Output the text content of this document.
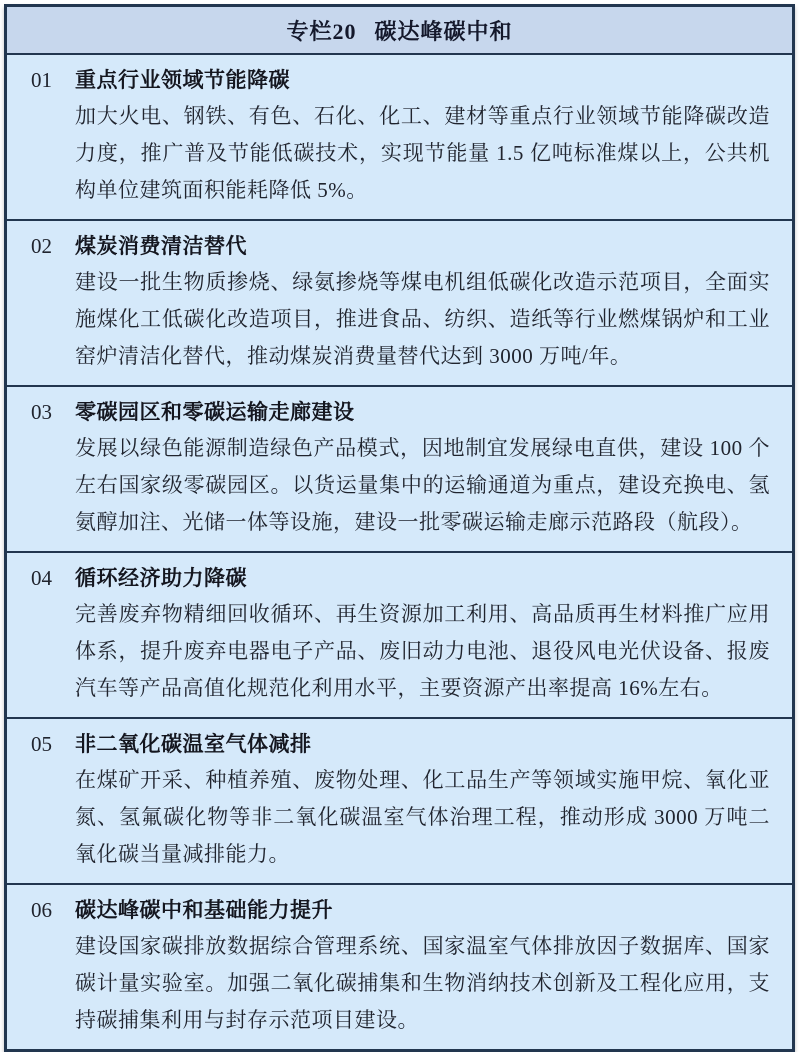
专栏20 碳达峰碳中和
01	重点行业领域节能降碳

加大火电、钢铁、有色、石化、化工、建材等重点行业领域节能降碳改造力度，推广普及节能低碳技术，实现节能量 1.5 亿吨标准煤以上，公共机构单位建筑面积能耗降低 5%。

02	煤炭消费清洁替代

建设一批生物质掺烧、绿氨掺烧等煤电机组低碳化改造示范项目，全面实施煤化工低碳化改造项目，推进食品、纺织、造纸等行业燃煤锅炉和工业窑炉清洁化替代，推动煤炭消费量替代达到 3000 万吨/年。

03	零碳园区和零碳运输走廊建设

发展以绿色能源制造绿色产品模式，因地制宜发展绿电直供，建设 100 个左右国家级零碳园区。以货运量集中的运输通道为重点，建设充换电、氢氨醇加注、光储一体等设施，建设一批零碳运输走廊示范路段（航段）。

04	循环经济助力降碳

完善废弃物精细回收循环、再生资源加工利用、高品质再生材料推广应用体系，提升废弃电器电子产品、废旧动力电池、退役风电光伏设备、报废汽车等产品高值化规范化利用水平，主要资源产出率提高 16%左右。

05	非二氧化碳温室气体减排

在煤矿开采、种植养殖、废物处理、化工品生产等领域实施甲烷、氧化亚氮、氢氟碳化物等非二氧化碳温室气体治理工程，推动形成 3000 万吨二氧化碳当量减排能力。

06	碳达峰碳中和基础能力提升

建设国家碳排放数据综合管理系统、国家温室气体排放因子数据库、国家碳计量实验室。加强二氧化碳捕集和生物消纳技术创新及工程化应用，支持碳捕集利用与封存示范项目建设。
